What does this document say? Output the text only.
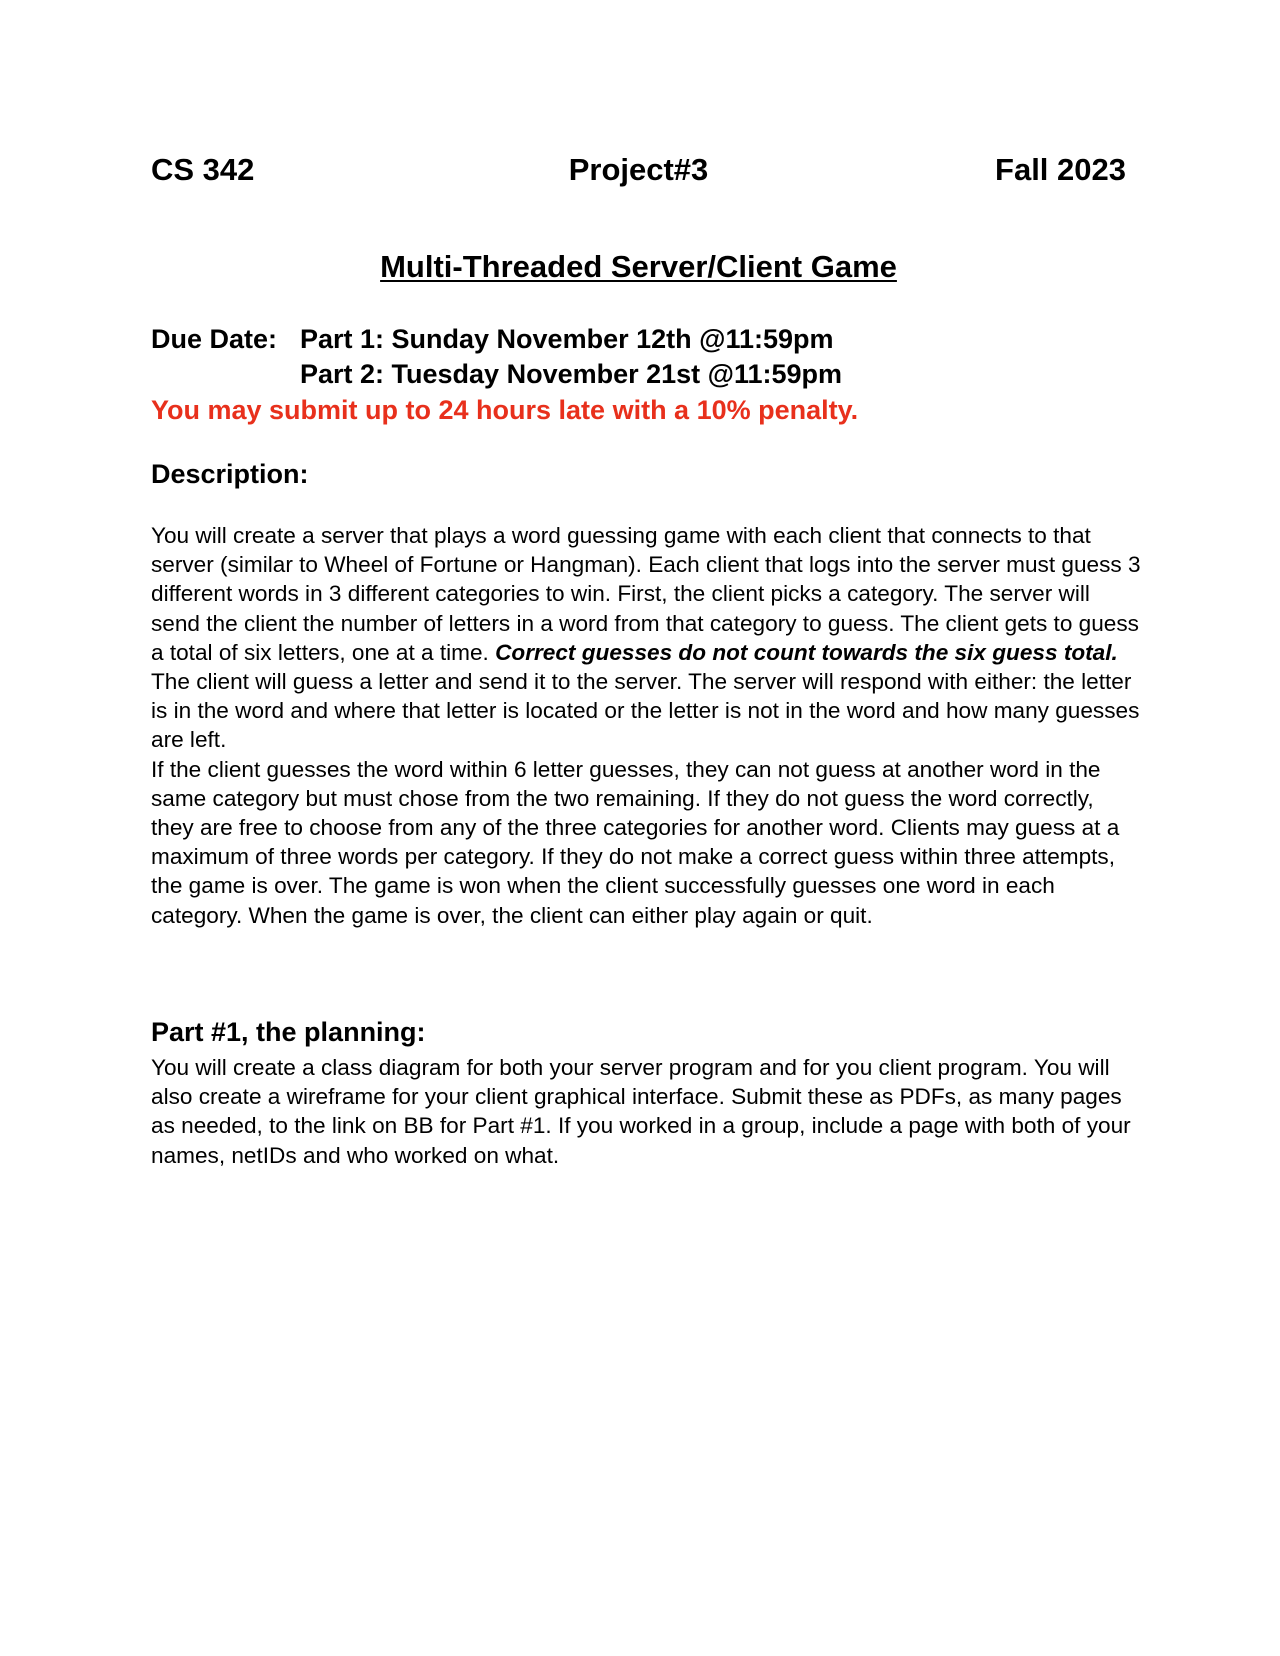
CS 342	Project#3	Fall 2023
Multi-Threaded Server/Client Game
Due Date: Part 1: Sunday November 12th @11:59pm
Part 2: Tuesday November 21st @11:59pm
You may submit up to 24 hours late with a 10% penalty.
Description:

You will create a server that plays a word guessing game with each client that connects to that server (similar to Wheel of Fortune or Hangman). Each client that logs into the server must guess 3 different words in 3 different categories to win. First, the client picks a category. The server will send the client the number of letters in a word from that category to guess. The client gets to guess a total of six letters, one at a time. Correct guesses do not count towards the six guess total.

The client will guess a letter and send it to the server. The server will respond with either: the letter is in the word and where that letter is located or the letter is not in the word and how many guesses are left.

If the client guesses the word within 6 letter guesses, they can not guess at another word in the same category but must chose from the two remaining. If they do not guess the word correctly, they are free to choose from any of the three categories for another word. Clients may guess at a maximum of three words per category. If they do not make a correct guess within three attempts, the game is over. The game is won when the client successfully guesses one word in each category. When the game is over, the client can either play again or quit.

Part #1, the planning:

You will create a class diagram for both your server program and for you client program. You will also create a wireframe for your client graphical interface. Submit these as PDFs, as many pages as needed, to the link on BB for Part #1. If you worked in a group, include a page with both of your names, netIDs and who worked on what.
